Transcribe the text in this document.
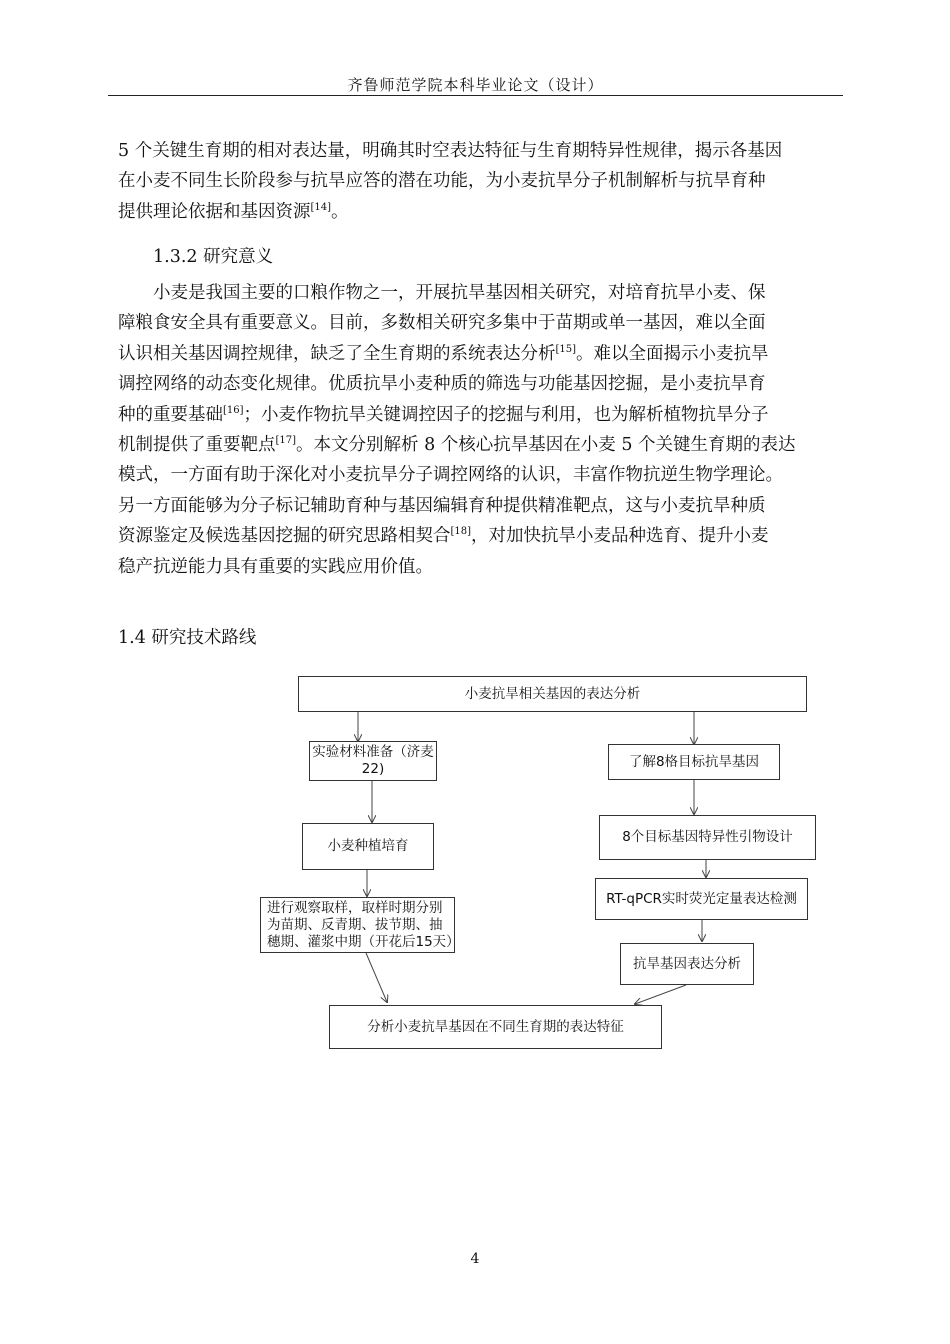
齐鲁师范学院本科毕业论文（设计）

5 个关键生育期的相对表达量，明确其时空表达特征与生育期特异性规律，揭示各基因
在小麦不同生长阶段参与抗旱应答的潜在功能，为小麦抗旱分子机制解析与抗旱育种
提供理论依据和基因资源[14]。

1.3.2 研究意义

小麦是我国主要的口粮作物之一，开展抗旱基因相关研究，对培育抗旱小麦、保
障粮食安全具有重要意义。目前，多数相关研究多集中于苗期或单一基因，难以全面
认识相关基因调控规律，缺乏了全生育期的系统表达分析[15]。难以全面揭示小麦抗旱
调控网络的动态变化规律。优质抗旱小麦种质的筛选与功能基因挖掘，是小麦抗旱育
种的重要基础[16]；小麦作物抗旱关键调控因子的挖掘与利用，也为解析植物抗旱分子
机制提供了重要靶点[17]。本文分别解析 8 个核心抗旱基因在小麦 5 个关键生育期的表达
模式，一方面有助于深化对小麦抗旱分子调控网络的认识，丰富作物抗逆生物学理论。
另一方面能够为分子标记辅助育种与基因编辑育种提供精准靶点，这与小麦抗旱种质
资源鉴定及候选基因挖掘的研究思路相契合[18]，对加快抗旱小麦品种选育、提升小麦
稳产抗逆能力具有重要的实践应用价值。

1.4 研究技术路线
小麦抗旱相关基因的表达分析
实验材料准备（济麦22)	了解8格目标抗旱基因
小麦种植培育
8个目标基因特异性引物设计
RT-qPCR实时荧光定量表达检测
进行观察取样，取样时期分别为苗期、反青期、拔节期、抽穗期、灌浆中期（开花后15天）
抗旱基因表达分析
分析小麦抗旱基因在不同生育期的表达特征
4
